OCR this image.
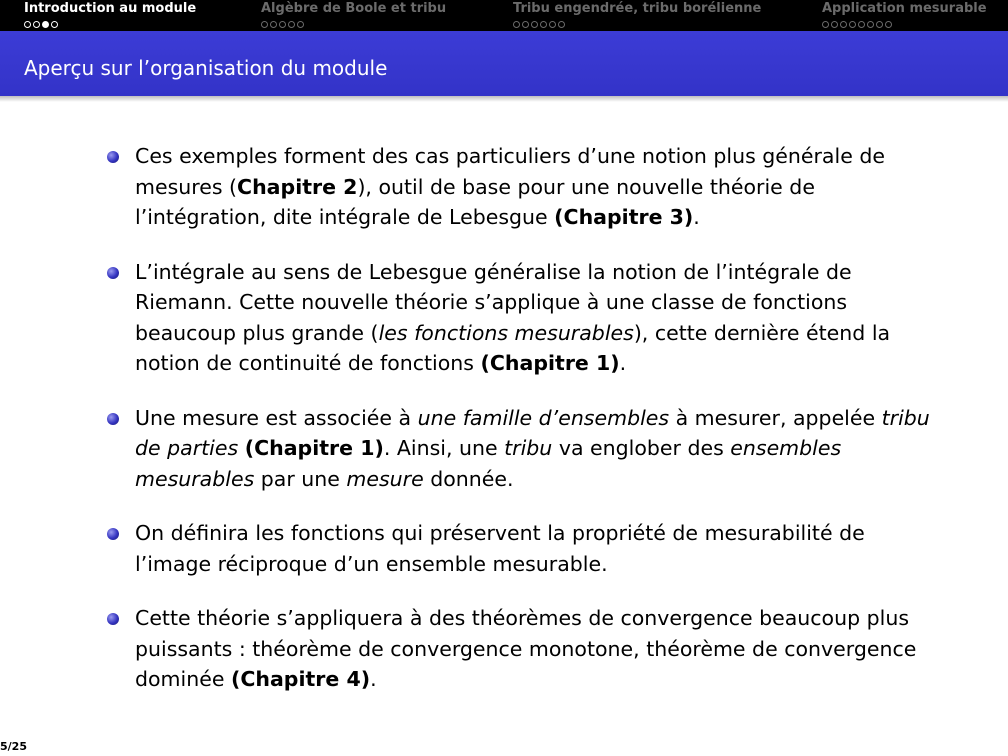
Introduction au module	Algèbre de Boole et tribu	Tribu engendrée, tribu borélienne	Application mesurable
Aperçu sur l’organisation du module
Ces exemples forment des cas particuliers d’une notion plus générale de mesures (Chapitre 2), outil de base pour une nouvelle théorie de l’intégration, dite intégrale de Lebesgue (Chapitre 3).
L’intégrale au sens de Lebesgue généralise la notion de l’intégrale de Riemann. Cette nouvelle théorie s’applique à une classe de fonctions beaucoup plus grande (les fonctions mesurables), cette dernière étend la notion de continuité de fonctions (Chapitre 1).
Une mesure est associée à une famille d’ensembles à mesurer, appelée tribu de parties (Chapitre 1). Ainsi, une tribu va englober des ensembles mesurables par une mesure donnée.
On définira les fonctions qui préservent la propriété de mesurabilité de l’image réciproque d’un ensemble mesurable.
Cette théorie s’appliquera à des théorèmes de convergence beaucoup plus puissants : théorème de convergence monotone, théorème de convergence dominée (Chapitre 4).
5/25
